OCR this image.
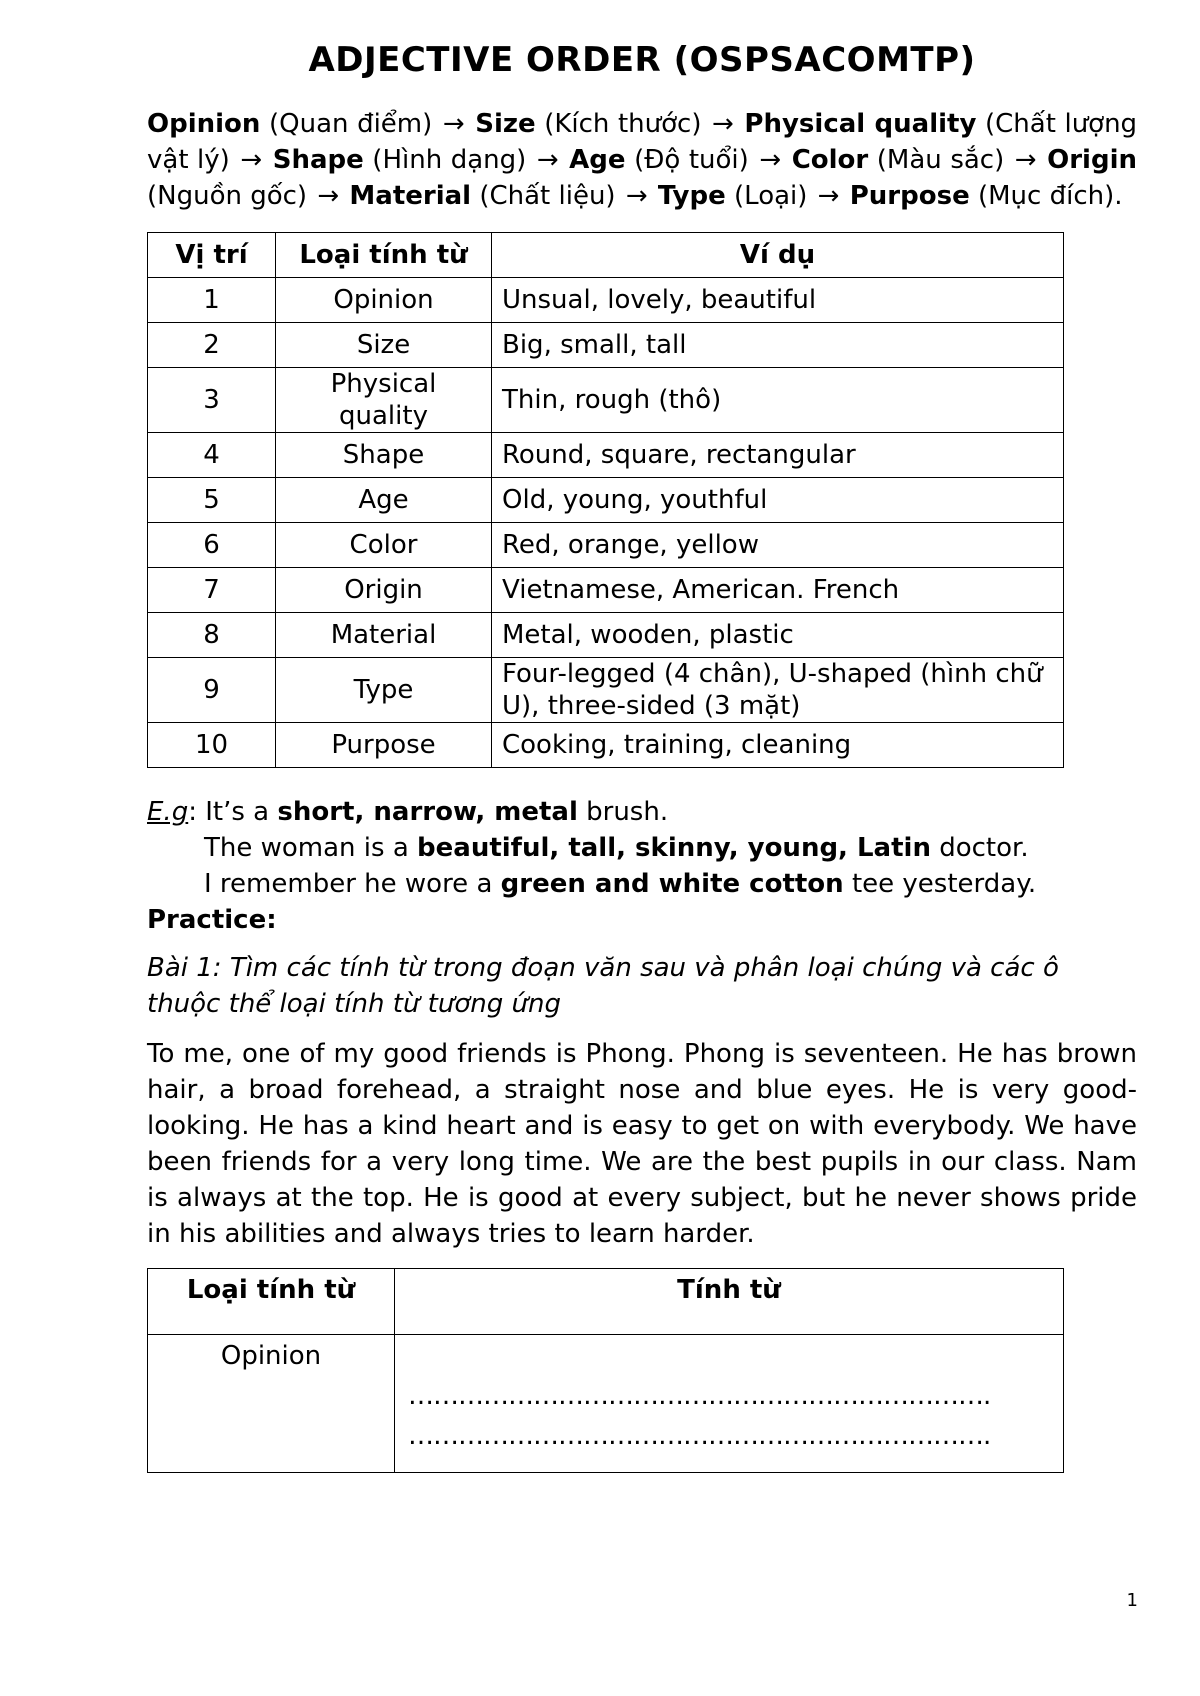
ADJECTIVE ORDER (OSPSACOMTP)

Opinion (Quan điểm) → Size (Kích thước) → Physical quality (Chất lượng vật lý) → Shape (Hình dạng) → Age (Độ tuổi) → Color (Màu sắc) → Origin (Nguồn gốc) → Material (Chất liệu) → Type (Loại) → Purpose (Mục đích).

Vị trí	Loại tính từ	Ví dụ
1	Opinion	Unsual, lovely, beautiful
2	Size	Big, small, tall
3	Physical quality	Thin, rough (thô)
4	Shape	Round, square, rectangular
5	Age	Old, young, youthful
6	Color	Red, orange, yellow
7	Origin	Vietnamese, American. French
8	Material	Metal, wooden, plastic
9	Type	Four-legged (4 chân), U-shaped (hình chữ U), three-sided (3 mặt)
10	Purpose	Cooking, training, cleaning
E.g: It’s a short, narrow, metal brush.
The woman is a beautiful, tall, skinny, young, Latin doctor.
I remember he wore a green and white cotton tee yesterday.
Practice:
Bài 1: Tìm các tính từ trong đoạn văn sau và phân loại chúng và các ô thuộc thể loại tính từ tương ứng
To me, one of my good friends is Phong. Phong is seventeen. He has brown hair, a broad forehead, a straight nose and blue eyes. He is very good-looking. He has a kind heart and is easy to get on with everybody. We have been friends for a very long time. We are the best pupils in our class. Nam is always at the top. He is good at every subject, but he never shows pride in his abilities and always tries to learn harder.
Loại tính từ	Tính từ
Opinion	…………………………………………………………….
…………………………………………………………….
1
